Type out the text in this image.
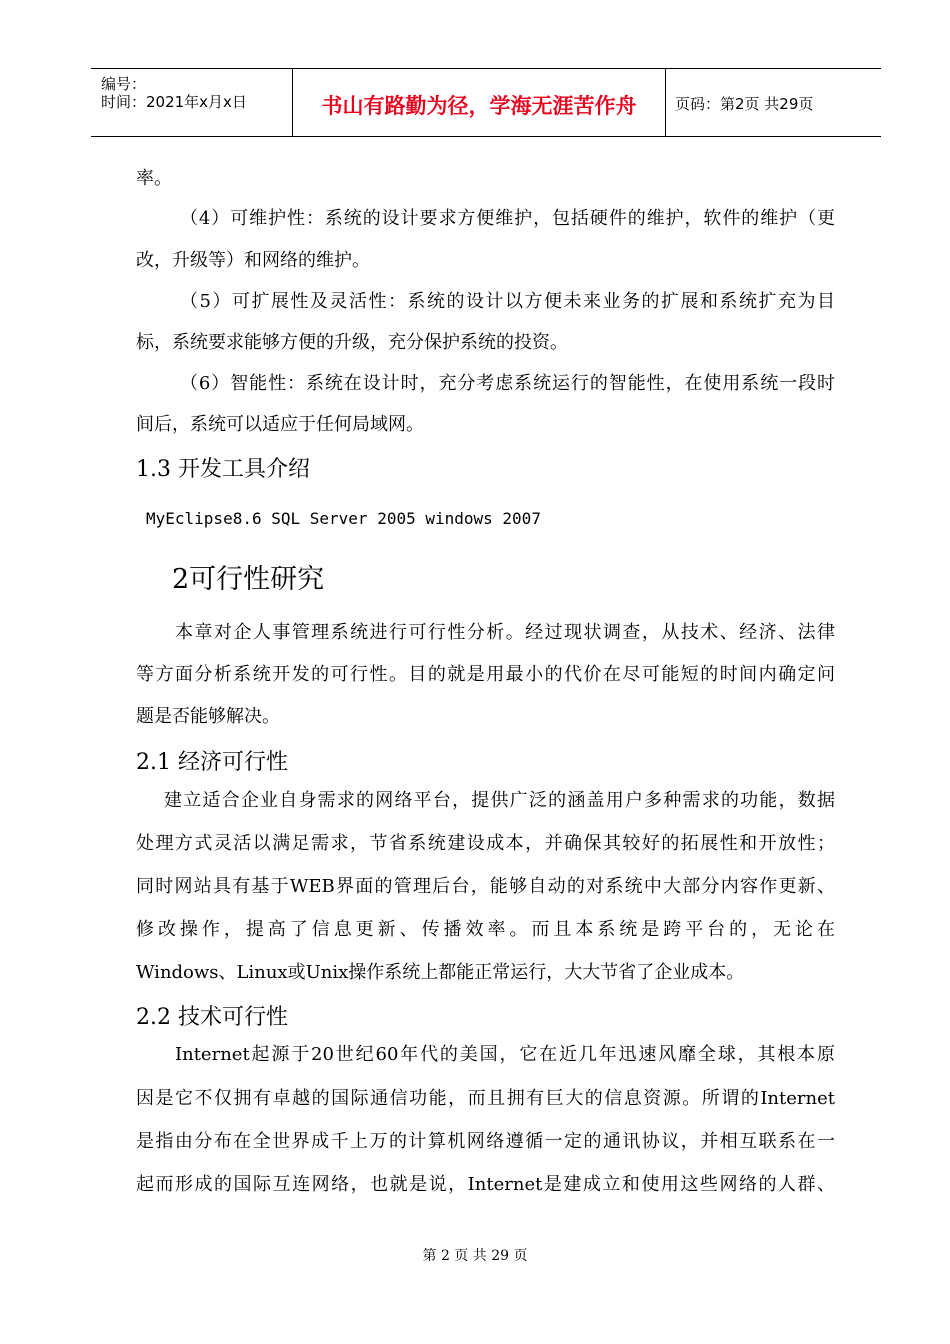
编号：
时间：2021年x月x日	书山有路勤为径，学海无涯苦作舟	页码：第2页 共29页
率。
（4）可维护性：系统的设计要求方便维护，包括硬件的维护，软件的维护（更
改，升级等）和网络的维护。
（5）可扩展性及灵活性：系统的设计以方便未来业务的扩展和系统扩充为目
标，系统要求能够方便的升级，充分保护系统的投资。
（6）智能性：系统在设计时，充分考虑系统运行的智能性，在使用系统一段时
间后，系统可以适应于任何局域网。
1.3 开发工具介绍
MyEclipse8.6 SQL Server 2005 windows 2007
2可行性研究
本章对企人事管理系统进行可行性分析。经过现状调查，从技术、经济、法律
等方面分析系统开发的可行性。目的就是用最小的代价在尽可能短的时间内确定问
题是否能够解决。
2.1 经济可行性
建立适合企业自身需求的网络平台，提供广泛的涵盖用户多种需求的功能，数据
处理方式灵活以满足需求，节省系统建设成本，并确保其较好的拓展性和开放性；
同时网站具有基于WEB界面的管理后台，能够自动的对系统中大部分内容作更新、
修改操作，提高了信息更新、传播效率。而且本系统是跨平台的，无论在
Windows、Linux或Unix操作系统上都能正常运行，大大节省了企业成本。
2.2 技术可行性
Internet起源于20世纪60年代的美国，它在近几年迅速风靡全球，其根本原
因是它不仅拥有卓越的国际通信功能，而且拥有巨大的信息资源。所谓的Internet
是指由分布在全世界成千上万的计算机网络遵循一定的通讯协议，并相互联系在一
起而形成的国际互连网络，也就是说，Internet是建成立和使用这些网络的人群、
第 2 页 共 29 页
